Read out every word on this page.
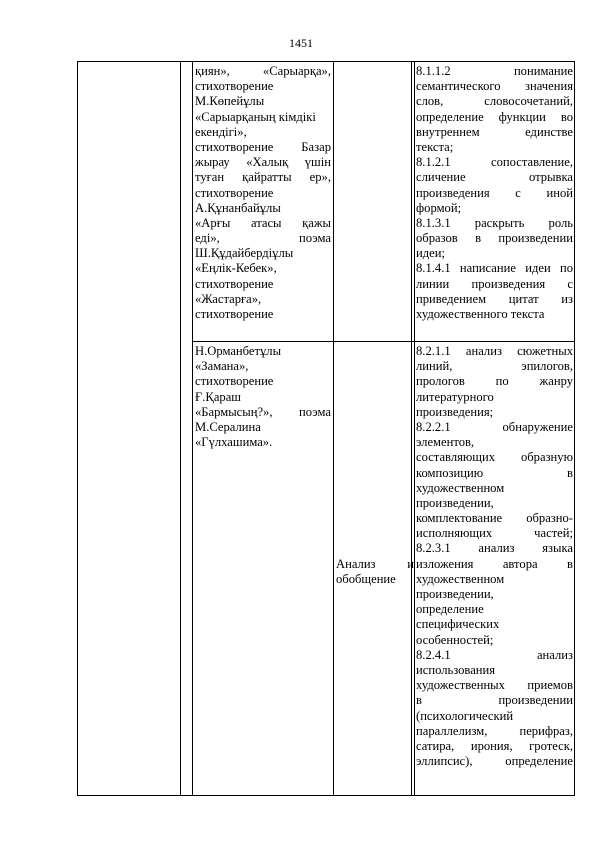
1451
қиян», «Сарыарқа»,
стихотворение
М.Көпейұлы
«Сарыарқаның кімдікі
екендігі»,
стихотворение Базар
жырау «Халық үшін
туған қайратты ер»,
стихотворение
А.Құнанбайұлы
«Арғы атасы қажы
еді», поэма
Ш.Құдайбердіұлы
«Еңлік-Кебек»,
стихотворение
«Жастарға»,
стихотворение
Н.Орманбетұлы
«Замана»,
стихотворение
Ғ.Қараш
«Бармысың?», поэма
М.Сералина
«Гүлхашима».
Анализ и
обобщение
8.1.1.2 понимание
семантического значения
слов, словосочетаний,
определение функции во
внутреннем единстве
текста;
8.1.2.1 сопоставление,
сличение отрывка
произведения с иной
формой;
8.1.3.1 раскрыть роль
образов в произведении
идеи;
8.1.4.1 написание идеи по
линии произведения с
приведением цитат из
художественного текста
8.2.1.1 анализ сюжетных
линий, эпилогов,
прологов по жанру
литературного
произведения;
8.2.2.1 обнаружение
элементов,
составляющих образную
композицию в
художественном
произведении,
комплектование образно-
исполняющих частей;
8.2.3.1 анализ языка
изложения автора в
художественном
произведении,
определение
специфических
особенностей;
8.2.4.1 анализ
использования
художественных приемов
в произведении
(психологический
параллелизм, перифраз,
сатира, ирония, гротеск,
эллипсис), определение
